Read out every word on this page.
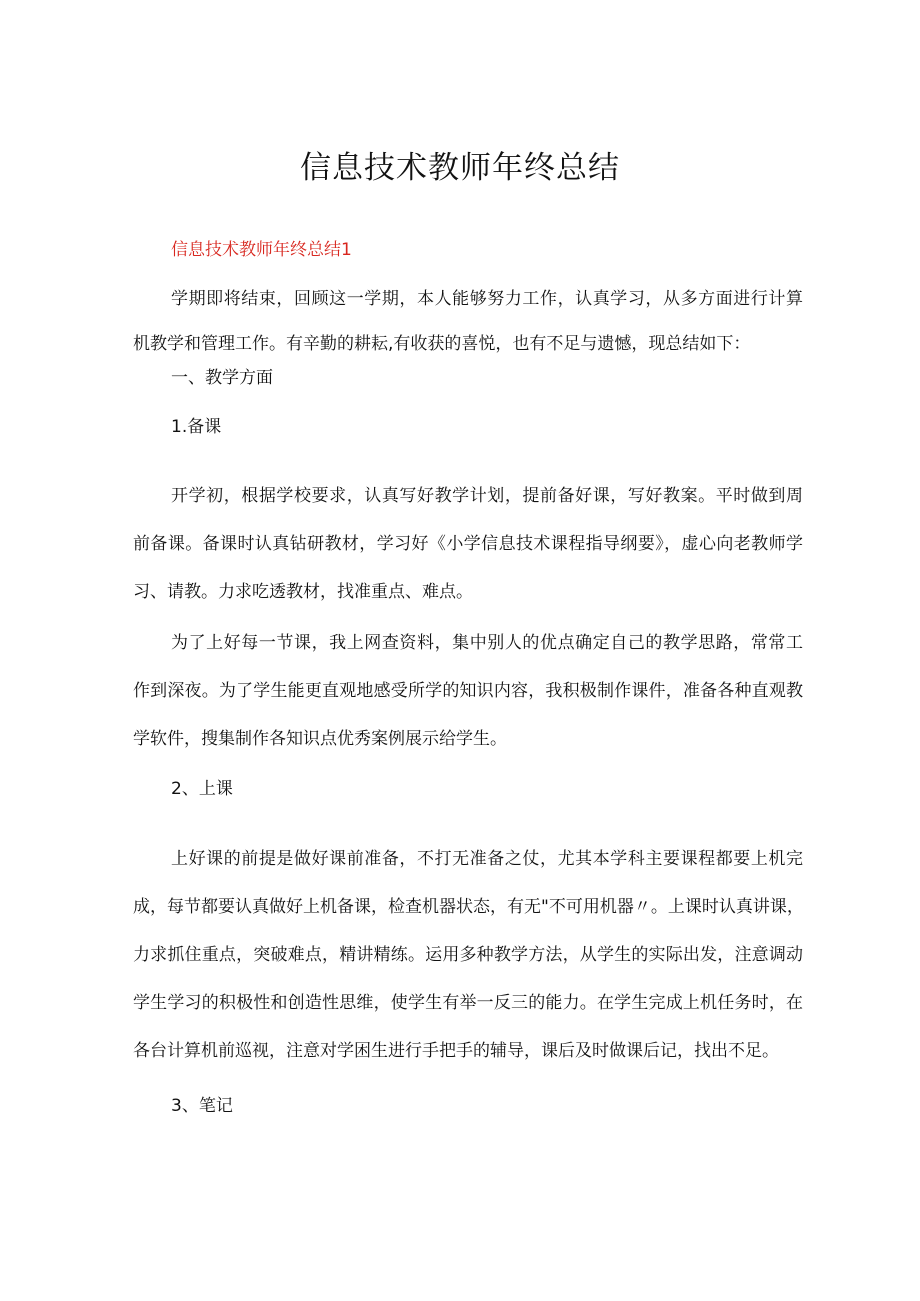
信息技术教师年终总结
信息技术教师年终总结1
学期即将结束，回顾这一学期，本人能够努力工作，认真学习，从多方面进行计算
机教学和管理工作。有辛勤的耕耘,有收获的喜悦，也有不足与遗憾，现总结如下：
一、教学方面
1.备课
开学初，根据学校要求，认真写好教学计划，提前备好课，写好教案。平时做到周
前备课。备课时认真钻研教材，学习好《小学信息技术课程指导纲要》，虚心向老教师学
习、请教。力求吃透教材，找准重点、难点。
为了上好每一节课，我上网查资料，集中别人的优点确定自己的教学思路，常常工
作到深夜。为了学生能更直观地感受所学的知识内容，我积极制作课件，准备各种直观教
学软件，搜集制作各知识点优秀案例展示给学生。
2、上课
上好课的前提是做好课前准备，不打无准备之仗，尤其本学科主要课程都要上机完
成，每节都要认真做好上机备课，检查机器状态，有无"不可用机器〃。上课时认真讲课，
力求抓住重点，突破难点，精讲精练。运用多种教学方法，从学生的实际出发，注意调动
学生学习的积极性和创造性思维，使学生有举一反三的能力。在学生完成上机任务时，在
各台计算机前巡视，注意对学困生进行手把手的辅导，课后及时做课后记，找出不足。
3、笔记
